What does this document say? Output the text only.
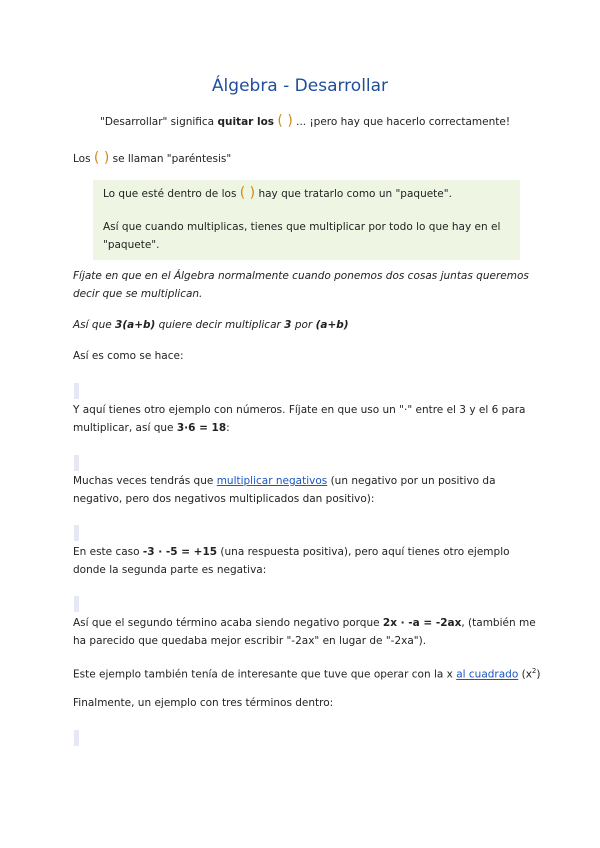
Álgebra - Desarrollar
"Desarrollar" significa quitar los ( ) ... ¡pero hay que hacerlo correctamente!
Los ( ) se llaman "paréntesis"
Lo que esté dentro de los ( ) hay que tratarlo como un "paquete".
Así que cuando multiplicas, tienes que multiplicar por todo lo que hay en el
"paquete".
Fíjate en que en el Álgebra normalmente cuando ponemos dos cosas juntas queremos
decir que se multiplican.
Así que 3(a+b) quiere decir multiplicar 3 por (a+b)
Así es como se hace:
Y aquí tienes otro ejemplo con números. Fíjate en que uso un "·" entre el 3 y el 6 para
multiplicar, así que 3·6 = 18:
Muchas veces tendrás que multiplicar negativos (un negativo por un positivo da
negativo, pero dos negativos multiplicados dan positivo):
En este caso -3 · -5 = +15 (una respuesta positiva), pero aquí tienes otro ejemplo
donde la segunda parte es negativa:
Así que el segundo término acaba siendo negativo porque 2x · -a = -2ax, (también me
ha parecido que quedaba mejor escribir "-2ax" en lugar de "-2xa").
Este ejemplo también tenía de interesante que tuve que operar con la x al cuadrado $(x^2)$
Finalmente, un ejemplo con tres términos dentro:
